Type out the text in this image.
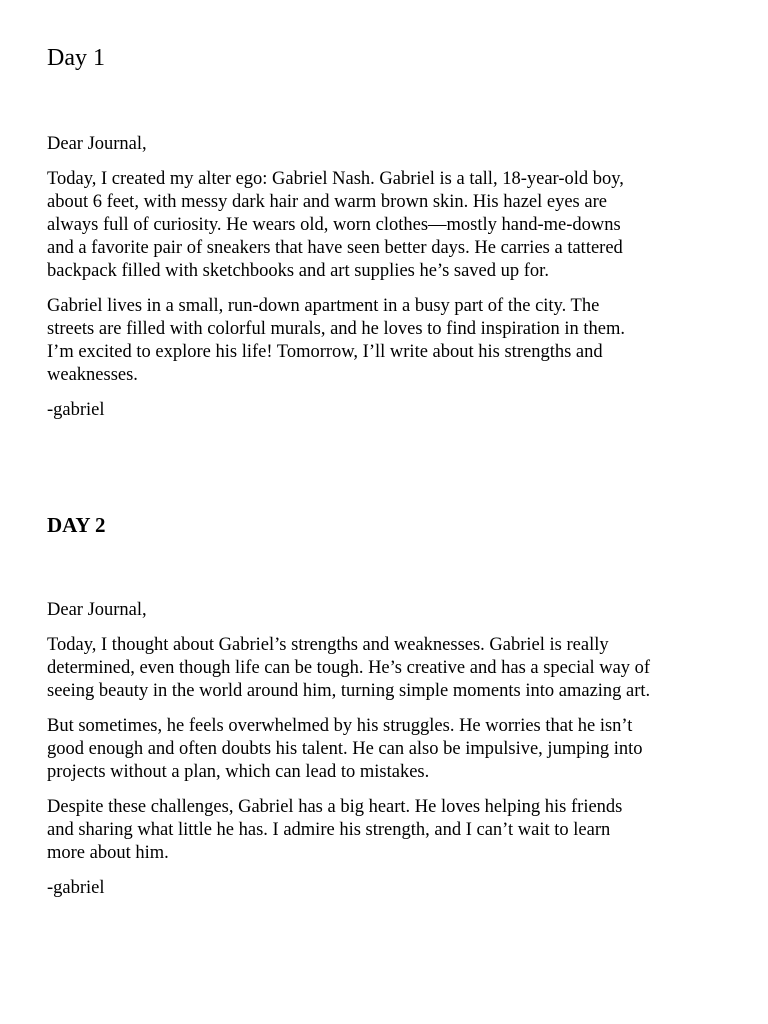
Day 1

Dear Journal,

Today, I created my alter ego: Gabriel Nash. Gabriel is a tall, 18-year-old boy,
about 6 feet, with messy dark hair and warm brown skin. His hazel eyes are
always full of curiosity. He wears old, worn clothes—mostly hand-me-downs
and a favorite pair of sneakers that have seen better days. He carries a tattered
backpack filled with sketchbooks and art supplies he’s saved up for.

Gabriel lives in a small, run-down apartment in a busy part of the city. The
streets are filled with colorful murals, and he loves to find inspiration in them.
I’m excited to explore his life! Tomorrow, I’ll write about his strengths and
weaknesses.

-gabriel

DAY 2

Dear Journal,

Today, I thought about Gabriel’s strengths and weaknesses. Gabriel is really
determined, even though life can be tough. He’s creative and has a special way of
seeing beauty in the world around him, turning simple moments into amazing art.

But sometimes, he feels overwhelmed by his struggles. He worries that he isn’t
good enough and often doubts his talent. He can also be impulsive, jumping into
projects without a plan, which can lead to mistakes.

Despite these challenges, Gabriel has a big heart. He loves helping his friends
and sharing what little he has. I admire his strength, and I can’t wait to learn
more about him.

-gabriel
